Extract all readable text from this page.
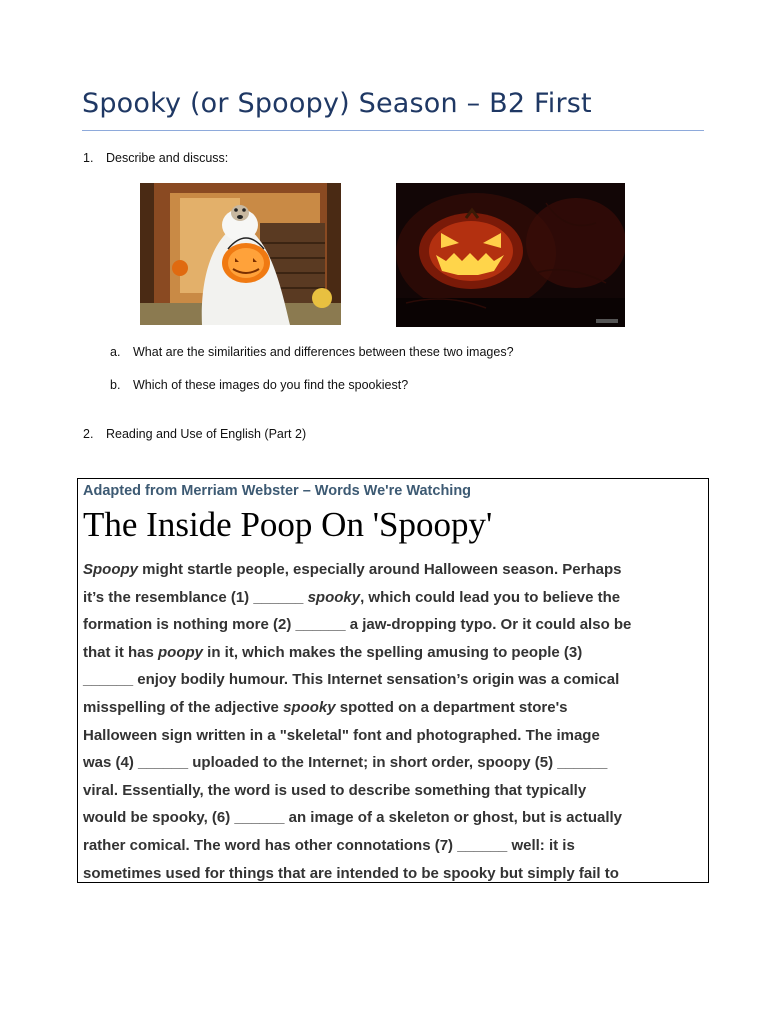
Spooky (or Spoopy) Season – B2 First
1. Describe and discuss:
a. What are the similarities and differences between these two images?
b. Which of these images do you find the spookiest?
2. Reading and Use of English (Part 2)
Adapted from Merriam Webster – Words We're Watching
The Inside Poop On 'Spoopy'
Spoopy might startle people, especially around Halloween season. Perhaps
it’s the resemblance (1) ______ spooky, which could lead you to believe the
formation is nothing more (2) ______ a jaw-dropping typo. Or it could also be
that it has poopy in it, which makes the spelling amusing to people (3)
______ enjoy bodily humour. This Internet sensation’s origin was a comical
misspelling of the adjective spooky spotted on a department store's
Halloween sign written in a "skeletal" font and photographed. The image
was (4) ______ uploaded to the Internet; in short order, spoopy (5) ______
viral. Essentially, the word is used to describe something that typically
would be spooky, (6) ______ an image of a skeleton or ghost, but is actually
rather comical. The word has other connotations (7) ______ well: it is
sometimes used for things that are intended to be spooky but simply fail to
